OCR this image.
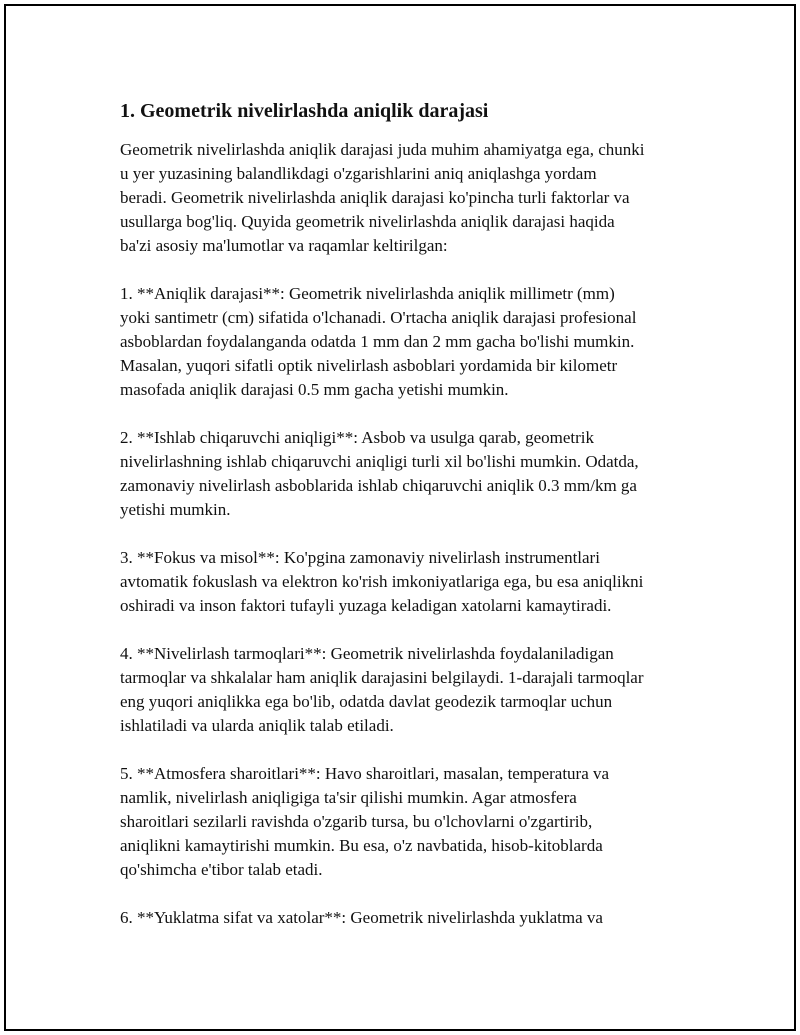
1. Geometrik nivelirlashda aniqlik darajasi
Geometrik nivelirlashda aniqlik darajasi juda muhim ahamiyatga ega, chunki
u yer yuzasining balandlikdagi o'zgarishlarini aniq aniqlashga yordam
beradi. Geometrik nivelirlashda aniqlik darajasi ko'pincha turli faktorlar va
usullarga bog'liq. Quyida geometrik nivelirlashda aniqlik darajasi haqida
ba'zi asosiy ma'lumotlar va raqamlar keltirilgan:
1. **Aniqlik darajasi**: Geometrik nivelirlashda aniqlik millimetr (mm)
yoki santimetr (cm) sifatida o'lchanadi. O'rtacha aniqlik darajasi profesional
asboblardan foydalanganda odatda 1 mm dan 2 mm gacha bo'lishi mumkin.
Masalan, yuqori sifatli optik nivelirlash asboblari yordamida bir kilometr
masofada aniqlik darajasi 0.5 mm gacha yetishi mumkin.
2. **Ishlab chiqaruvchi aniqligi**: Asbob va usulga qarab, geometrik
nivelirlashning ishlab chiqaruvchi aniqligi turli xil bo'lishi mumkin. Odatda,
zamonaviy nivelirlash asboblarida ishlab chiqaruvchi aniqlik 0.3 mm/km ga
yetishi mumkin.
3. **Fokus va misol**: Ko'pgina zamonaviy nivelirlash instrumentlari
avtomatik fokuslash va elektron ko'rish imkoniyatlariga ega, bu esa aniqlikni
oshiradi va inson faktori tufayli yuzaga keladigan xatolarni kamaytiradi.
4. **Nivelirlash tarmoqlari**: Geometrik nivelirlashda foydalaniladigan
tarmoqlar va shkalalar ham aniqlik darajasini belgilaydi. 1-darajali tarmoqlar
eng yuqori aniqlikka ega bo'lib, odatda davlat geodezik tarmoqlar uchun
ishlatiladi va ularda aniqlik talab etiladi.
5. **Atmosfera sharoitlari**: Havo sharoitlari, masalan, temperatura va
namlik, nivelirlash aniqligiga ta'sir qilishi mumkin. Agar atmosfera
sharoitlari sezilarli ravishda o'zgarib tursa, bu o'lchovlarni o'zgartirib,
aniqlikni kamaytirishi mumkin. Bu esa, o'z navbatida, hisob-kitoblarda
qo'shimcha e'tibor talab etadi.
6. **Yuklatma sifat va xatolar**: Geometrik nivelirlashda yuklatma va
